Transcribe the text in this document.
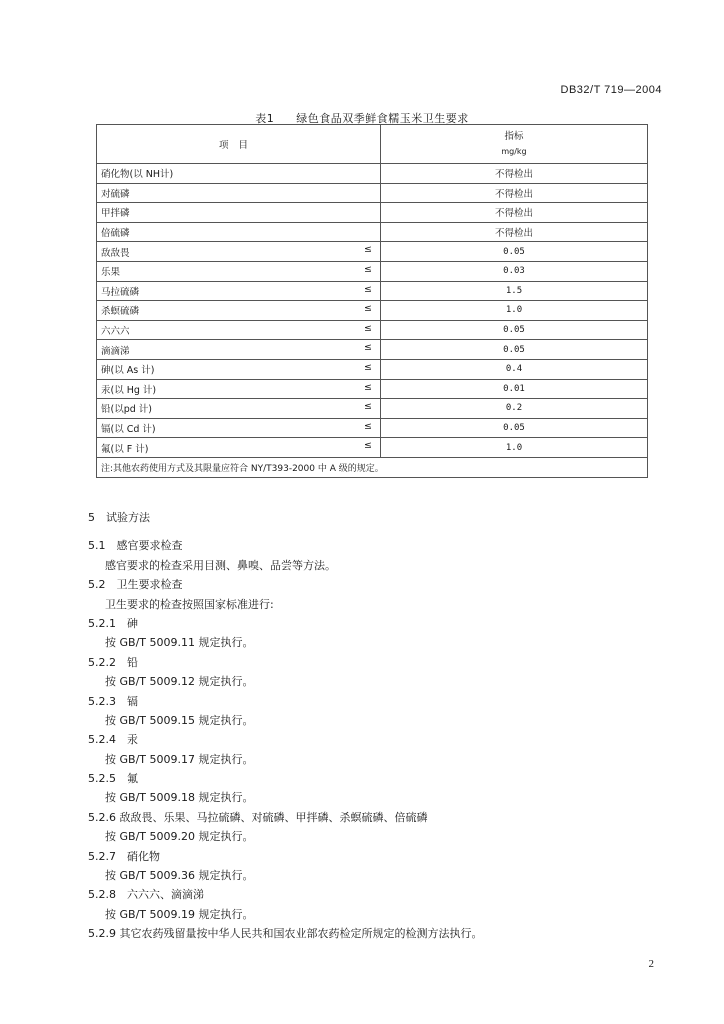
DB32/T 719—2004
表1 绿色食品双季鲜食糯玉米卫生要求
项目	指标
mg/kg

硝化物(以 NH计)	不得检出
对硫磷	不得检出
甲拌磷	不得检出
倍硫磷	不得检出
敌敌畏 ≤	0.05
乐果 ≤	0.03
马拉硫磷 ≤	1.5
杀螟硫磷 ≤	1.0
六六六 ≤	0.05
滴滴涕 ≤	0.05
砷(以 As 计) ≤	0.4
汞(以 Hg 计) ≤	0.01
铅(以pd 计) ≤	0.2
镉(以 Cd 计) ≤	0.05
氟(以 F 计) ≤	1.0
注:其他农药使用方式及其限量应符合 NY/T393-2000 中 A 级的规定。	
5　试验方法
5.1　感官要求检查
感官要求的检查采用目测、鼻嗅、品尝等方法。
5.2　卫生要求检查
卫生要求的检查按照国家标准进行:
5.2.1　砷
按 GB/T 5009.11 规定执行。
5.2.2　铅
按 GB/T 5009.12 规定执行。
5.2.3　镉
按 GB/T 5009.15 规定执行。
5.2.4　汞
按 GB/T 5009.17 规定执行。
5.2.5　氟
按 GB/T 5009.18 规定执行。
5.2.6 敌敌畏、乐果、马拉硫磷、对硫磷、甲拌磷、杀螟硫磷、倍硫磷
按 GB/T 5009.20 规定执行。
5.2.7　硝化物
按 GB/T 5009.36 规定执行。
5.2.8　六六六、滴滴涕
按 GB/T 5009.19 规定执行。
5.2.9 其它农药残留量按中华人民共和国农业部农药检定所规定的检测方法执行。
2
